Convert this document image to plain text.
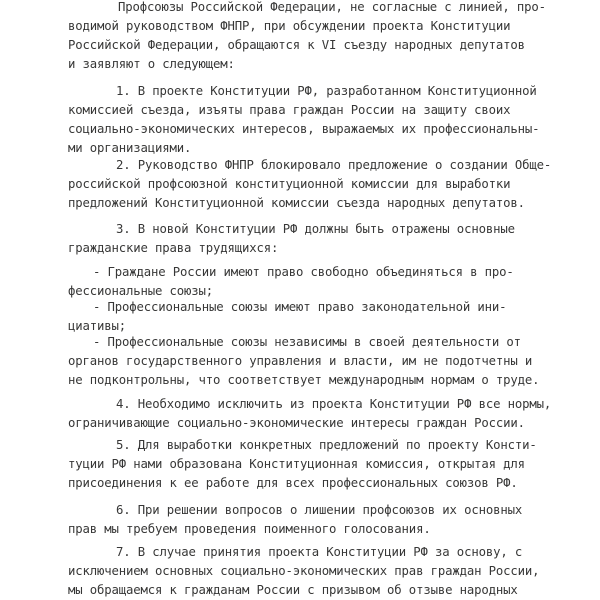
Профсоюзы Российской Федерации, не согласные с линией, про-
водимой руководством ФНПР, при обсуждении проекта Конституции
Российской Федерации, обращаются к VI съезду народных депутатов
и заявляют о следующем:
1. В проекте Конституции РФ, разработанном Конституционной
комиссией съезда, изъяты права граждан России на защиту своих
социально-экономических интересов, выражаемых их профессиональны-
ми организациями.
2. Руководство ФНПР блокировало предложение о создании Обще-
российской профсоюзной конституционной комиссии для выработки
предложений Конституционной комиссии съезда народных депутатов.
3. В новой Конституции РФ должны быть отражены основные
гражданские права трудящихся:
- Граждане России имеют право свободно объединяться в про-
фессиональные союзы;
- Профессиональные союзы имеют право законодательной ини-
циативы;
- Профессиональные союзы независимы в своей деятельности от
органов государственного управления и власти, им не подотчетны и
не подконтрольны, что соответствует международным нормам о труде.
4. Необходимо исключить из проекта Конституции РФ все нормы,
ограничивающие социально-экономические интересы граждан России.
5. Для выработки конкретных предложений по проекту Консти-
туции РФ нами образована Конституционная комиссия, открытая для
присоединения к ее работе для всех профессиональных союзов РФ.
6. При решении вопросов о лишении профсоюзов их основных
прав мы требуем проведения поименного голосования.
7. В случае принятия проекта Конституции РФ за основу, с
исключением основных социально-экономических прав граждан России,
мы обращаемся к гражданам России с призывом об отзыве народных
